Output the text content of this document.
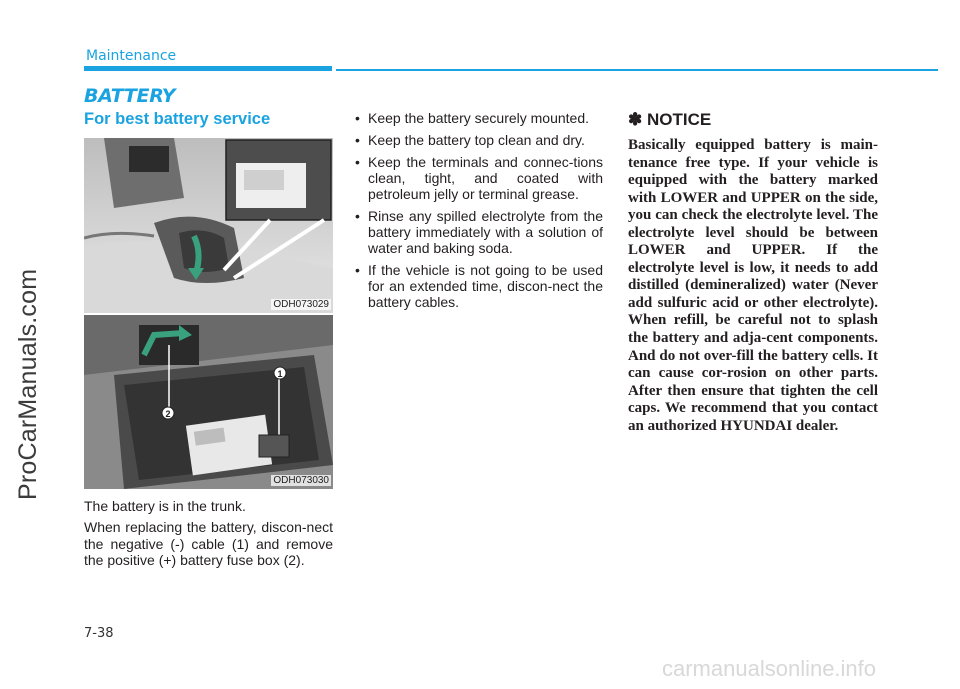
ProCarManuals.com
Maintenance
BATTERY
For best battery service
ODH073029
1
2
ODH073030
The battery is in the trunk.
When replacing the battery, discon-nect the negative (-) cable (1) and remove the positive (+) battery fuse box (2).
• Keep the battery securely mounted.
• Keep the battery top clean and dry.
• Keep the terminals and connec-tions clean, tight, and coated with petroleum jelly or terminal grease.
• Rinse any spilled electrolyte from the battery immediately with a solution of water and baking soda.
• If the vehicle is not going to be used for an extended time, discon-nect the battery cables.
✽ NOTICE
Basically equipped battery is main-tenance free type. If your vehicle is equipped with the battery marked with LOWER and UPPER on the side, you can check the electrolyte level. The electrolyte level should be between LOWER and UPPER. If the electrolyte level is low, it needs to add distilled (demineralized) water (Never add sulfuric acid or other electrolyte). When refill, be careful not to splash the battery and adja-cent components. And do not over-fill the battery cells. It can cause cor-rosion on other parts. After then ensure that tighten the cell caps. We recommend that you contact an authorized HYUNDAI dealer.
7-38
carmanualsonline.info
